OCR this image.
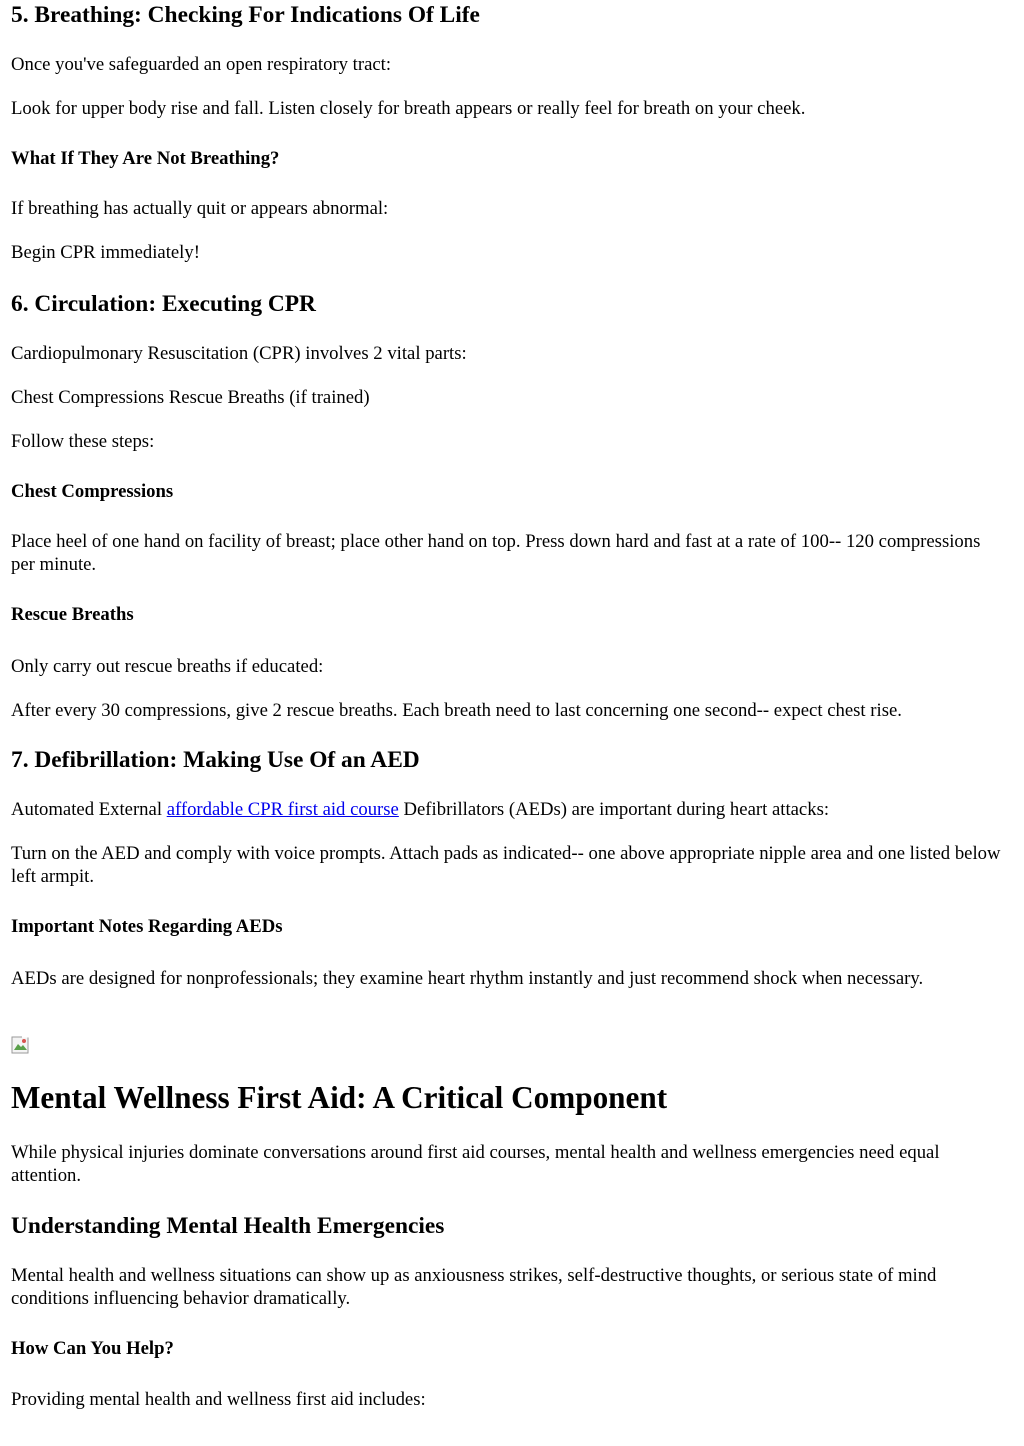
5. Breathing: Checking For Indications Of Life

Once you've safeguarded an open respiratory tract:

Look for upper body rise and fall. Listen closely for breath appears or really feel for breath on your cheek.

What If They Are Not Breathing?

If breathing has actually quit or appears abnormal:

Begin CPR immediately!

6. Circulation: Executing CPR

Cardiopulmonary Resuscitation (CPR) involves 2 vital parts:

Chest Compressions Rescue Breaths (if trained)

Follow these steps:

Chest Compressions

Place heel of one hand on facility of breast; place other hand on top. Press down hard and fast at a rate of 100-- 120 compressions per minute.

Rescue Breaths

Only carry out rescue breaths if educated:

After every 30 compressions, give 2 rescue breaths. Each breath need to last concerning one second-- expect chest rise.

7. Defibrillation: Making Use Of an AED

Automated External affordable CPR first aid course Defibrillators (AEDs) are important during heart attacks:

Turn on the AED and comply with voice prompts. Attach pads as indicated-- one above appropriate nipple area and one listed below left armpit.

Important Notes Regarding AEDs

AEDs are designed for nonprofessionals; they examine heart rhythm instantly and just recommend shock when necessary.

Mental Wellness First Aid: A Critical Component

While physical injuries dominate conversations around first aid courses, mental health and wellness emergencies need equal attention.

Understanding Mental Health Emergencies

Mental health and wellness situations can show up as anxiousness strikes, self-destructive thoughts, or serious state of mind conditions influencing behavior dramatically.

How Can You Help?

Providing mental health and wellness first aid includes:
